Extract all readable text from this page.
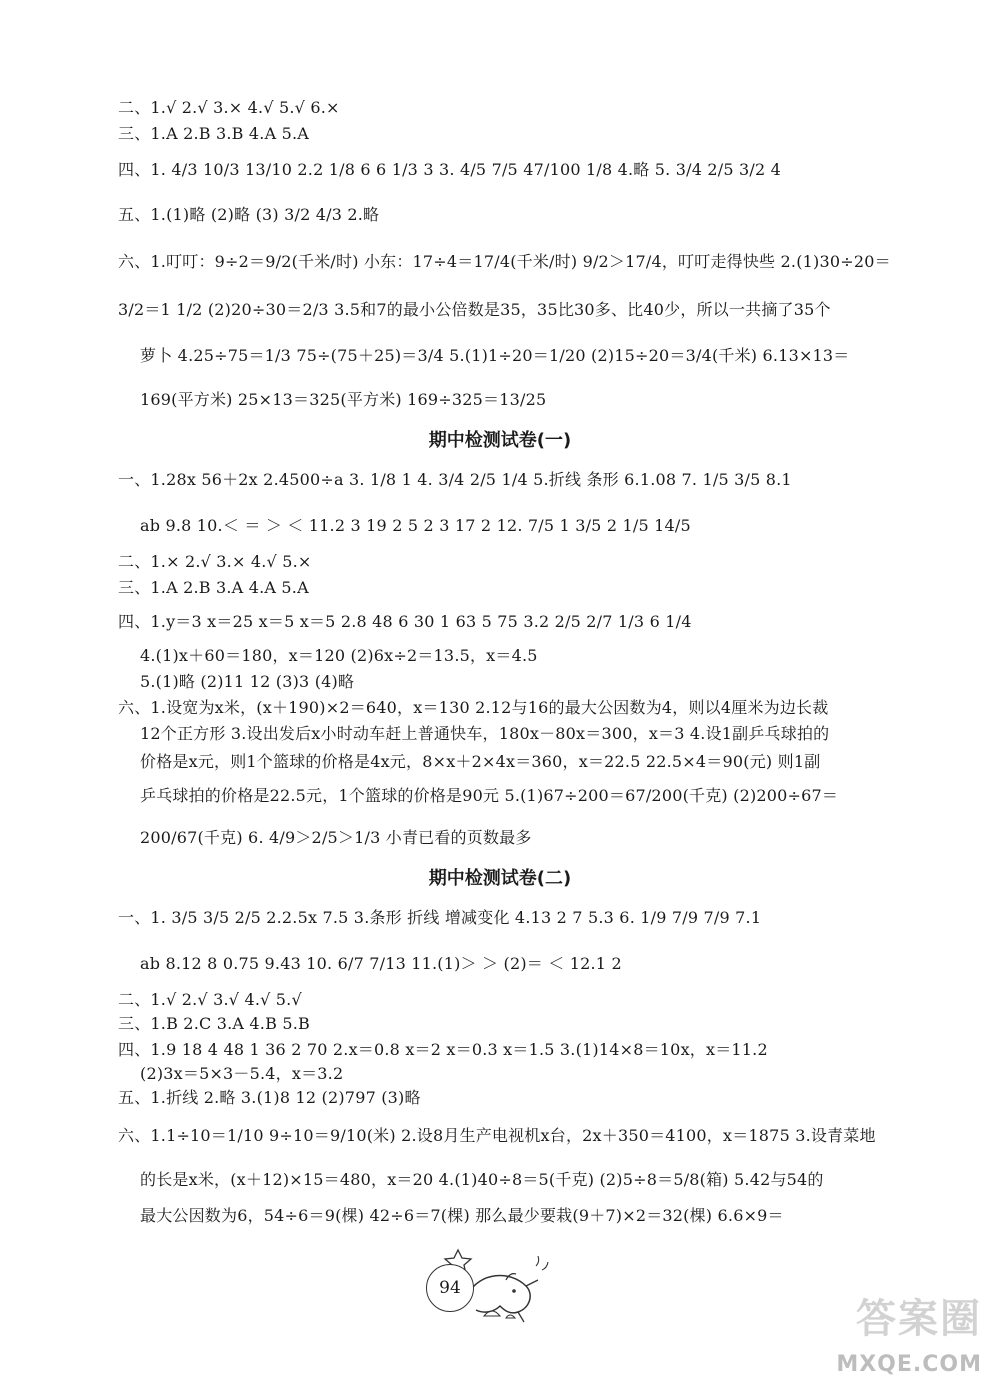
二、1.√ 2.√ 3.× 4.√ 5.√ 6.×
三、1.A 2.B 3.B 4.A 5.A
四、1. 4/3 10/3 13/10 2.2 1/8 6 6 1/3 3 3. 4/5 7/5 47/100 1/8 4.略 5. 3/4 2/5 3/2 4
五、1.(1)略 (2)略 (3) 3/2 4/3 2.略
六、1.叮叮：9÷2＝9/2(千米/时) 小东：17÷4＝17/4(千米/时) 9/2＞17/4，叮叮走得快些 2.(1)30÷20＝
3/2＝1 1/2 (2)20÷30＝2/3 3.5和7的最小公倍数是35，35比30多、比40少，所以一共摘了35个
萝卜 4.25÷75＝1/3 75÷(75＋25)＝3/4 5.(1)1÷20＝1/20 (2)15÷20＝3/4(千米) 6.13×13＝
169(平方米) 25×13＝325(平方米) 169÷325＝13/25
期中检测试卷(一)
一、1.28x 56＋2x 2.4500÷a 3. 1/8 1 4. 3/4 2/5 1/4 5.折线 条形 6.1.08 7. 1/5 3/5 8.1
ab 9.8 10.＜ ＝ ＞ ＜ 11.2 3 19 2 5 2 3 17 2 12. 7/5 1 3/5 2 1/5 14/5
二、1.× 2.√ 3.× 4.√ 5.×
三、1.A 2.B 3.A 4.A 5.A
四、1.y＝3 x＝25 x＝5 x＝5 2.8 48 6 30 1 63 5 75 3.2 2/5 2/7 1/3 6 1/4
4.(1)x＋60＝180，x＝120 (2)6x÷2＝13.5，x＝4.5
5.(1)略 (2)11 12 (3)3 (4)略
六、1.设宽为x米，(x＋190)×2＝640，x＝130 2.12与16的最大公因数为4，则以4厘米为边长裁
12个正方形 3.设出发后x小时动车赶上普通快车，180x－80x＝300，x＝3 4.设1副乒乓球拍的
价格是x元，则1个篮球的价格是4x元，8×x＋2×4x＝360，x＝22.5 22.5×4＝90(元) 则1副
乒乓球拍的价格是22.5元，1个篮球的价格是90元 5.(1)67÷200＝67/200(千克) (2)200÷67＝
200/67(千克) 6. 4/9＞2/5＞1/3 小青已看的页数最多
期中检测试卷(二)
一、1. 3/5 3/5 2/5 2.2.5x 7.5 3.条形 折线 增减变化 4.13 2 7 5.3 6. 1/9 7/9 7/9 7.1
ab 8.12 8 0.75 9.43 10. 6/7 7/13 11.(1)＞ ＞ (2)＝ ＜ 12.1 2
二、1.√ 2.√ 3.√ 4.√ 5.√
三、1.B 2.C 3.A 4.B 5.B
四、1.9 18 4 48 1 36 2 70 2.x＝0.8 x＝2 x＝0.3 x＝1.5 3.(1)14×8＝10x，x＝11.2
(2)3x＝5×3－5.4，x＝3.2
五、1.折线 2.略 3.(1)8 12 (2)797 (3)略
六、1.1÷10＝1/10 9÷10＝9/10(米) 2.设8月生产电视机x台，2x＋350＝4100，x＝1875 3.设青菜地
的长是x米，(x＋12)×15＝480，x＝20 4.(1)40÷8＝5(千克) (2)5÷8＝5/8(箱) 5.42与54的
最大公因数为6，54÷6＝9(棵) 42÷6＝7(棵) 那么最少要栽(9＋7)×2＝32(棵) 6.6×9＝
94
答案圈
MXQE.COM
